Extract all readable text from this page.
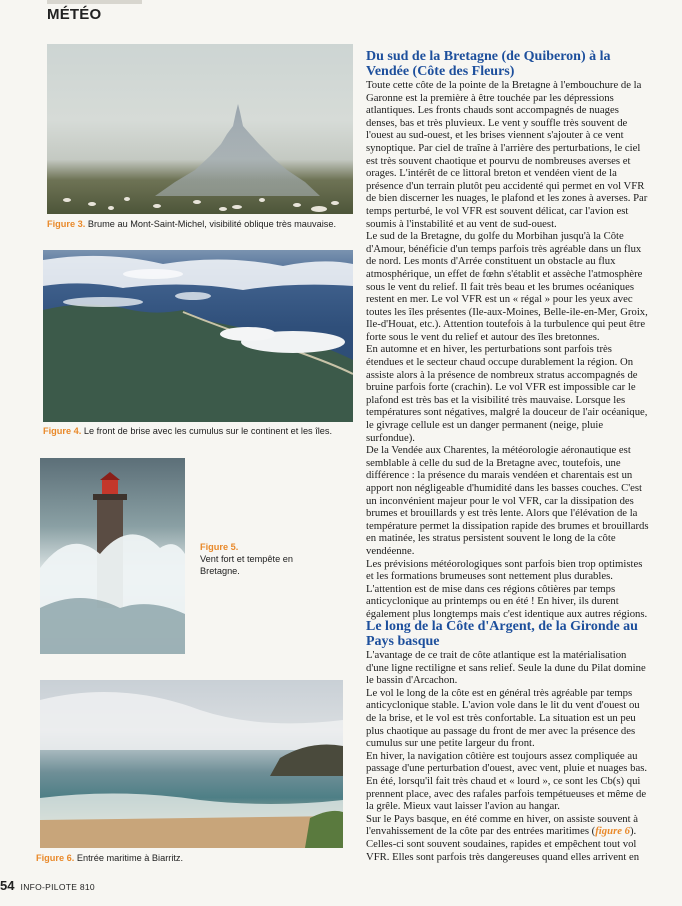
MÉTÉO
Figure 3. Brume au Mont-Saint-Michel, visibilité oblique très mauvaise.
Figure 4. Le front de brise avec les cumulus sur le continent et les îles.
Figure 5.
Vent fort et tempête en Bretagne.
Figure 6. Entrée maritime à Biarritz.
Du sud de la Bretagne (de Quiberon) à la Vendée (Côte des Fleurs)

Toute cette côte de la pointe de la Bretagne à l'embouchure de la Garonne est la première à être touchée par les dépressions atlantiques. Les fronts chauds sont accompagnés de nuages denses, bas et très pluvieux. Le vent y souffle très souvent de l'ouest au sud-ouest, et les brises viennent s'ajouter à ce vent synoptique. Par ciel de traîne à l'arrière des perturbations, le ciel est très souvent chaotique et pourvu de nombreuses averses et orages. L'intérêt de ce littoral breton et vendéen vient de la présence d'un terrain plutôt peu accidenté qui permet en vol VFR de bien discerner les nuages, le plafond et les zones à averses. Par temps perturbé, le vol VFR est souvent délicat, car l'avion est soumis à l'instabilité et au vent de sud-ouest.

Le sud de la Bretagne, du golfe du Morbihan jusqu'à la Côte d'Amour, bénéficie d'un temps parfois très agréable dans un flux de nord. Les monts d'Arrée constituent un obstacle au flux atmosphérique, un effet de fœhn s'établit et assèche l'atmosphère sous le vent du relief. Il fait très beau et les brumes océaniques restent en mer. Le vol VFR est un « régal » pour les yeux avec toutes les îles présentes (Ile-aux-Moines, Belle-ile-en-Mer, Groix, Ile-d'Houat, etc.). Attention toutefois à la turbulence qui peut être forte sous le vent du relief et autour des îles bretonnes.

En automne et en hiver, les perturbations sont parfois très étendues et le secteur chaud occupe durablement la région. On assiste alors à la présence de nombreux stratus accompagnés de bruine parfois forte (crachin). Le vol VFR est impossible car le plafond est très bas et la visibilité très mauvaise. Lorsque les températures sont négatives, malgré la douceur de l'air océanique, le givrage cellule est un danger permanent (neige, pluie surfondue).

De la Vendée aux Charentes, la météorologie aéronautique est semblable à celle du sud de la Bretagne avec, toutefois, une différence : la présence du marais vendéen et charentais est un apport non négligeable d'humidité dans les basses couches. C'est un inconvénient majeur pour le vol VFR, car la dissipation des brumes et brouillards y est très lente. Alors que l'élévation de la température permet la dissipation rapide des brumes et brouillards en matinée, les stratus persistent souvent le long de la côte vendéenne.

Les prévisions météorologiques sont parfois bien trop optimistes et les formations brumeuses sont nettement plus durables. L'attention est de mise dans ces régions côtières par temps anticyclonique au printemps ou en été ! En hiver, ils durent également plus longtemps mais c'est identique aux autres régions.

Le long de la Côte d'Argent, de la Gironde au Pays basque

L'avantage de ce trait de côte atlantique est la matérialisation d'une ligne rectiligne et sans relief. Seule la dune du Pilat domine le bassin d'Arcachon.

Le vol le long de la côte est en général très agréable par temps anticyclonique stable. L'avion vole dans le lit du vent d'ouest ou de la brise, et le vol est très confortable. La situation est un peu plus chaotique au passage du front de mer avec la présence des cumulus sur une petite largeur du front.

En hiver, la navigation côtière est toujours assez compliquée au passage d'une perturbation d'ouest, avec vent, pluie et nuages bas. En été, lorsqu'il fait très chaud et « lourd », ce sont les Cb(s) qui prennent place, avec des rafales parfois tempétueuses et même de la grêle. Mieux vaut laisser l'avion au hangar.

Sur le Pays basque, en été comme en hiver, on assiste souvent à l'envahissement de la côte par des entrées maritimes (figure 6). Celles-ci sont souvent soudaines, rapides et empêchent tout vol VFR. Elles sont parfois très dangereuses quand elles arrivent en

54 INFO-PILOTE 810
